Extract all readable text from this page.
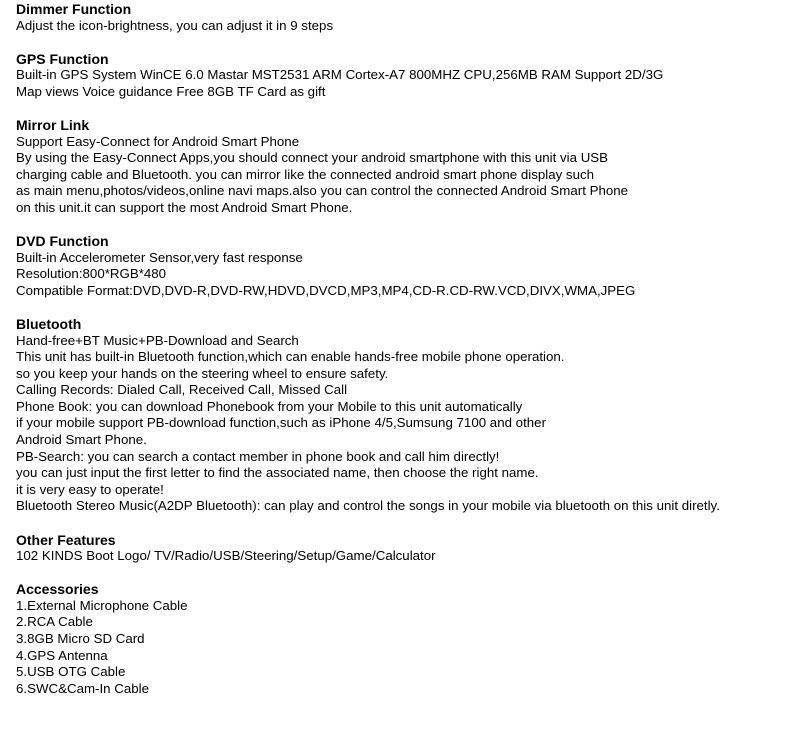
Dimmer Function
Adjust the icon-brightness, you can adjust it in 9 steps
GPS Function
Built-in GPS System WinCE 6.0 Mastar MST2531 ARM Cortex-A7 800MHZ CPU,256MB RAM Support 2D/3G
Map views Voice guidance Free 8GB TF Card as gift
Mirror Link
Support Easy-Connect for Android Smart Phone
By using the Easy-Connect Apps,you should connect your android smartphone with this unit via USB
charging cable and Bluetooth. you can mirror like the connected android smart phone display such
as main menu,photos/videos,online navi maps.also you can control the connected Android Smart Phone
on this unit.it can support the most Android Smart Phone.
DVD Function
Built-in Accelerometer Sensor,very fast response
Resolution:800*RGB*480
Compatible Format:DVD,DVD-R,DVD-RW,HDVD,DVCD,MP3,MP4,CD-R.CD-RW.VCD,DIVX,WMA,JPEG
Bluetooth
Hand-free+BT Music+PB-Download and Search
This unit has built-in Bluetooth function,which can enable hands-free mobile phone operation.
so you keep your hands on the steering wheel to ensure safety.
Calling Records: Dialed Call, Received Call, Missed Call
Phone Book: you can download Phonebook from your Mobile to this unit automatically
if your mobile support PB-download function,such as iPhone 4/5,Sumsung 7100 and other
Android Smart Phone.
PB-Search: you can search a contact member in phone book and call him directly!
you can just input the first letter to find the associated name, then choose the right name.
it is very easy to operate!
Bluetooth Stereo Music(A2DP Bluetooth): can play and control the songs in your mobile via bluetooth on this unit diretly.
Other Features
102 KINDS Boot Logo/ TV/Radio/USB/Steering/Setup/Game/Calculator
Accessories
1.External Microphone Cable
2.RCA Cable
3.8GB Micro SD Card
4.GPS Antenna
5.USB OTG Cable
6.SWC&Cam-In Cable
